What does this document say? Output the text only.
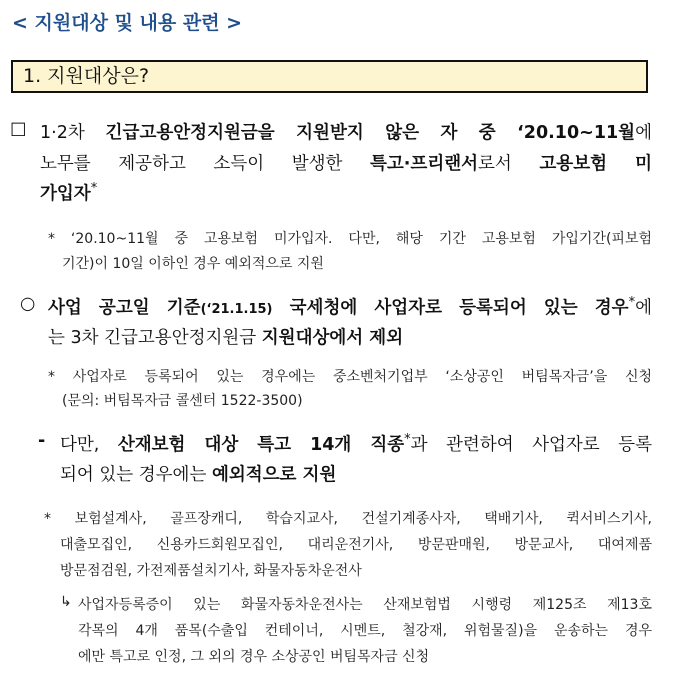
< 지원대상 및 내용 관련 >
1. 지원대상은?
□ 1·2차 긴급고용안정지원금을 지원받지 않은 자 중 ‘20.10~11월에
노무를 제공하고 소득이 발생한 특고·프리랜서로서 고용보험 미
가입자*
* ‘20.10~11월 중 고용보험 미가입자. 다만, 해당 기간 고용보험 가입기간(피보험
기간)이 10일 이하인 경우 예외적으로 지원
○ 사업 공고일 기준(‘21.1.15) 국세청에 사업자로 등록되어 있는 경우*에
는 3차 긴급고용안정지원금 지원대상에서 제외
* 사업자로 등록되어 있는 경우에는 중소벤처기업부 ‘소상공인 버팀목자금’을 신청
(문의: 버팀목자금 콜센터 1522-3500)
- 다만, 산재보험 대상 특고 14개 직종*과 관련하여 사업자로 등록
되어 있는 경우에는 예외적으로 지원
* 보험설계사, 골프장캐디, 학습지교사, 건설기계종사자, 택배기사, 퀵서비스기사,
대출모집인, 신용카드회원모집인, 대리운전기사, 방문판매원, 방문교사, 대여제품
방문점검원, 가전제품설치기사, 화물자동차운전사
↳ 사업자등록증이 있는 화물자동차운전사는 산재보험법 시행령 제125조 제13호
각목의 4개 품목(수출입 컨테이너, 시멘트, 철강재, 위험물질)을 운송하는 경우
에만 특고로 인정, 그 외의 경우 소상공인 버팀목자금 신청
